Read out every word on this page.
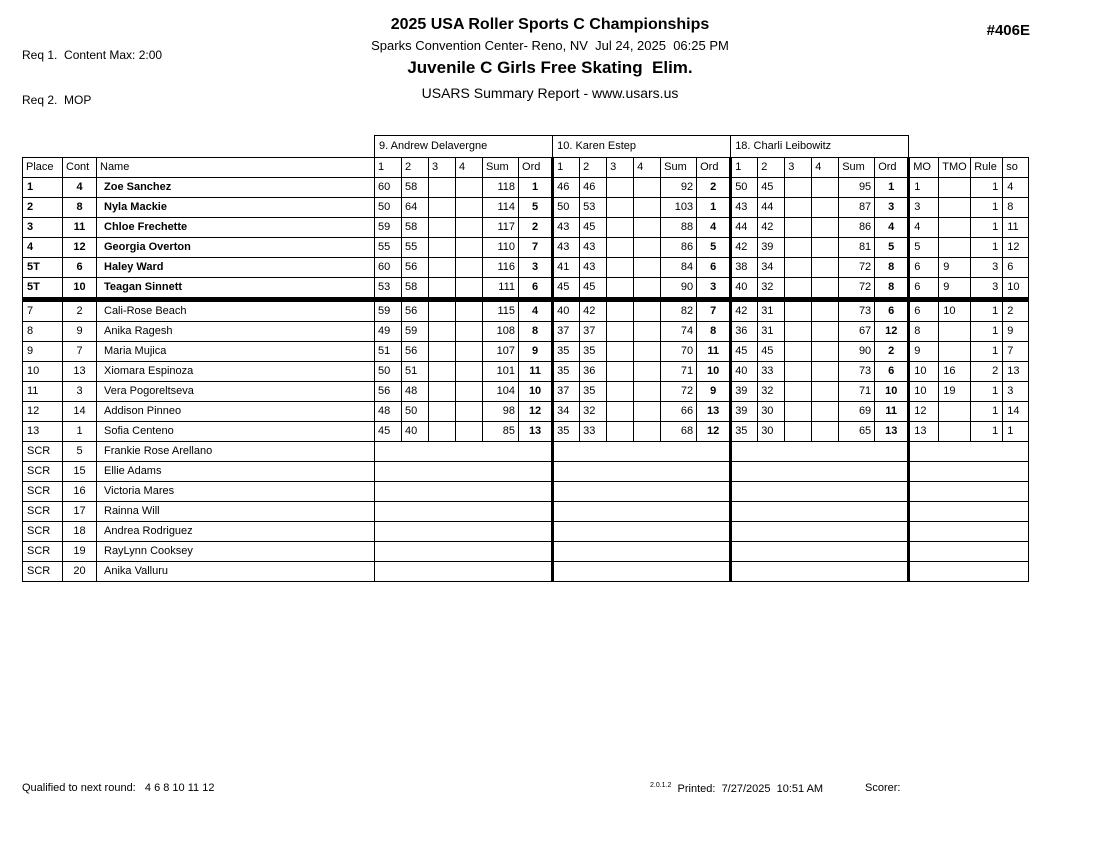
Req 1.  Content Max: 2:00

Req 2.  MOP

2025 USA Roller Sports C Championships
Sparks Convention Center- Reno, NV  Jul 24, 2025  06:25 PM
Juvenile C Girls Free Skating  Elim.
USARS Summary Report - www.usars.us
#406E
			9. Andrew Delavergne						10. Karen Estep						18. Charli Leibowitz									
Place	Cont	Name	1	2	3	4	Sum	Ord	1	2	3	4	Sum	Ord	1	2	3	4	Sum	Ord	MO	TMO	Rule	so
1	4	Zoe Sanchez	60	58			118	1	46	46			92	2	50	45			95	1	1		1	4
2	8	Nyla Mackie	50	64			114	5	50	53			103	1	43	44			87	3	3		1	8
3	11	Chloe Frechette	59	58			117	2	43	45			88	4	44	42			86	4	4		1	11
4	12	Georgia Overton	55	55			110	7	43	43			86	5	42	39			81	5	5		1	12
5T	6	Haley Ward	60	56			116	3	41	43			84	6	38	34			72	8	6	9	3	6
5T	10	Teagan Sinnett	53	58			111	6	45	45			90	3	40	32			72	8	6	9	3	10
7	2	Cali-Rose Beach	59	56			115	4	40	42			82	7	42	31			73	6	6	10	1	2
8	9	Anika Ragesh	49	59			108	8	37	37			74	8	36	31			67	12	8		1	9
9	7	Maria Mujica	51	56			107	9	35	35			70	11	45	45			90	2	9		1	7
10	13	Xiomara Espinoza	50	51			101	11	35	36			71	10	40	33			73	6	10	16	2	13
11	3	Vera Pogoreltseva	56	48			104	10	37	35			72	9	39	32			71	10	10	19	1	3
12	14	Addison Pinneo	48	50			98	12	34	32			66	13	39	30			69	11	12		1	14
13	1	Sofia Centeno	45	40			85	13	35	33			68	12	35	30			65	13	13		1	1
SCR	5	Frankie Rose Arellano																						
SCR	15	Ellie Adams																						
SCR	16	Victoria Mares																						
SCR	17	Rainna Will																						
SCR	18	Andrea Rodriguez																						
SCR	19	RayLynn Cooksey																						
SCR	20	Anika Valluru																						
Qualified to next round:   4 6 8 10 11 12	$^{2.0.1.2}$ Printed:  7/27/2025  10:51 AM	Scorer:
